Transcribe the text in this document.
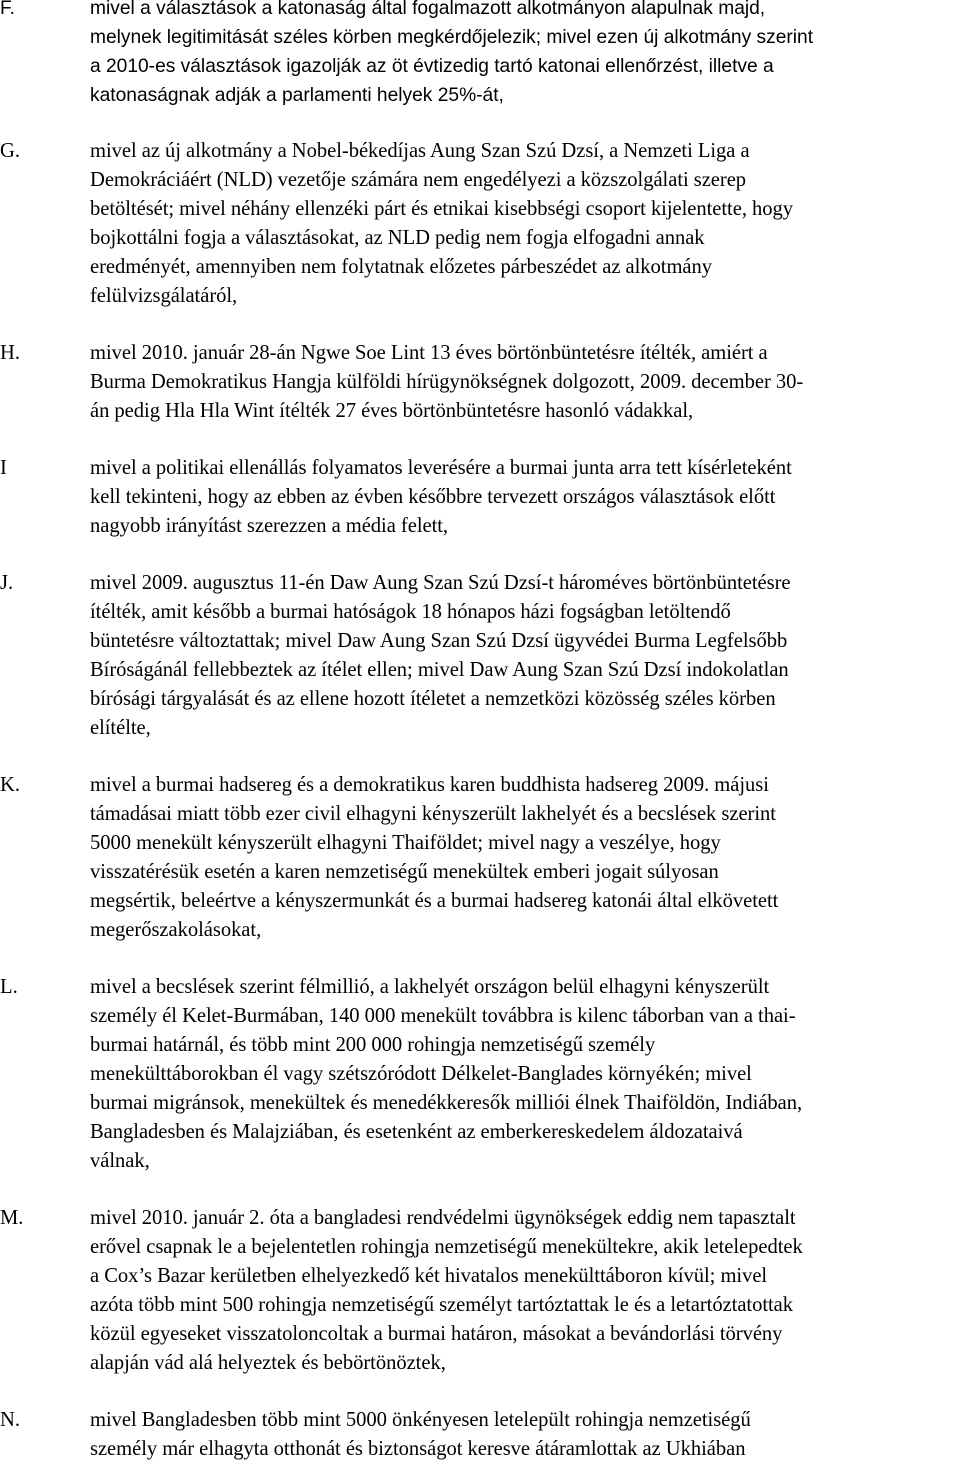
F.	mivel a választások a katonaság által fogalmazott alkotmányon alapulnak majd,
melynek legitimitását széles körben megkérdőjelezik; mivel ezen új alkotmány szerint
a 2010-es választások igazolják az öt évtizedig tartó katonai ellenőrzést, illetve a
katonaságnak adják a parlamenti helyek 25%-át,
G.	mivel az új alkotmány a Nobel-békedíjas Aung Szan Szú Dzsí, a Nemzeti Liga a
Demokráciáért (NLD) vezetője számára nem engedélyezi a közszolgálati szerep
betöltését; mivel néhány ellenzéki párt és etnikai kisebbségi csoport kijelentette, hogy
bojkottálni fogja a választásokat, az NLD pedig nem fogja elfogadni annak
eredményét, amennyiben nem folytatnak előzetes párbeszédet az alkotmány
felülvizsgálatáról,
H.	mivel 2010. január 28-án Ngwe Soe Lint 13 éves börtönbüntetésre ítélték, amiért a
Burma Demokratikus Hangja külföldi hírügynökségnek dolgozott, 2009. december 30-
án pedig Hla Hla Wint ítélték 27 éves börtönbüntetésre hasonló vádakkal,
I	mivel a politikai ellenállás folyamatos leverésére a burmai junta arra tett kísérleteként
kell tekinteni, hogy az ebben az évben későbbre tervezett országos választások előtt
nagyobb irányítást szerezzen a média felett,
J.	mivel 2009. augusztus 11-én Daw Aung Szan Szú Dzsí-t hároméves börtönbüntetésre
ítélték, amit később a burmai hatóságok 18 hónapos házi fogságban letöltendő
büntetésre változtattak; mivel Daw Aung Szan Szú Dzsí ügyvédei Burma Legfelsőbb
Bíróságánál fellebbeztek az ítélet ellen; mivel Daw Aung Szan Szú Dzsí indokolatlan
bírósági tárgyalását és az ellene hozott ítéletet a nemzetközi közösség széles körben
elítélte,
K.	mivel a burmai hadsereg és a demokratikus karen buddhista hadsereg 2009. májusi
támadásai miatt több ezer civil elhagyni kényszerült lakhelyét és a becslések szerint
5000 menekült kényszerült elhagyni Thaiföldet; mivel nagy a veszélye, hogy
visszatérésük esetén a karen nemzetiségű menekültek emberi jogait súlyosan
megsértik, beleértve a kényszermunkát és a burmai hadsereg katonái által elkövetett
megerőszakolásokat,
L.	mivel a becslések szerint félmillió, a lakhelyét országon belül elhagyni kényszerült
személy él Kelet-Burmában, 140 000 menekült továbbra is kilenc táborban van a thai-
burmai határnál, és több mint 200 000 rohingja nemzetiségű személy
menekülttáborokban él vagy szétszóródott Délkelet-Banglades környékén; mivel
burmai migránsok, menekültek és menedékkeresők milliói élnek Thaiföldön, Indiában,
Bangladesben és Malajziában, és esetenként az emberkereskedelem áldozataivá
válnak,
M.	mivel 2010. január 2. óta a bangladesi rendvédelmi ügynökségek eddig nem tapasztalt
erővel csapnak le a bejelentetlen rohingja nemzetiségű menekültekre, akik letelepedtek
a Cox’s Bazar kerületben elhelyezkedő két hivatalos menekülttáboron kívül; mivel
azóta több mint 500 rohingja nemzetiségű személyt tartóztattak le és a letartóztatottak
közül egyeseket visszatoloncoltak a burmai határon, másokat a bevándorlási törvény
alapján vád alá helyeztek és bebörtönöztek,
N.	mivel Bangladesben több mint 5000 önkényesen letelepült rohingja nemzetiségű
személy már elhagyta otthonát és biztonságot keresve átáramlottak az Ukhiában
